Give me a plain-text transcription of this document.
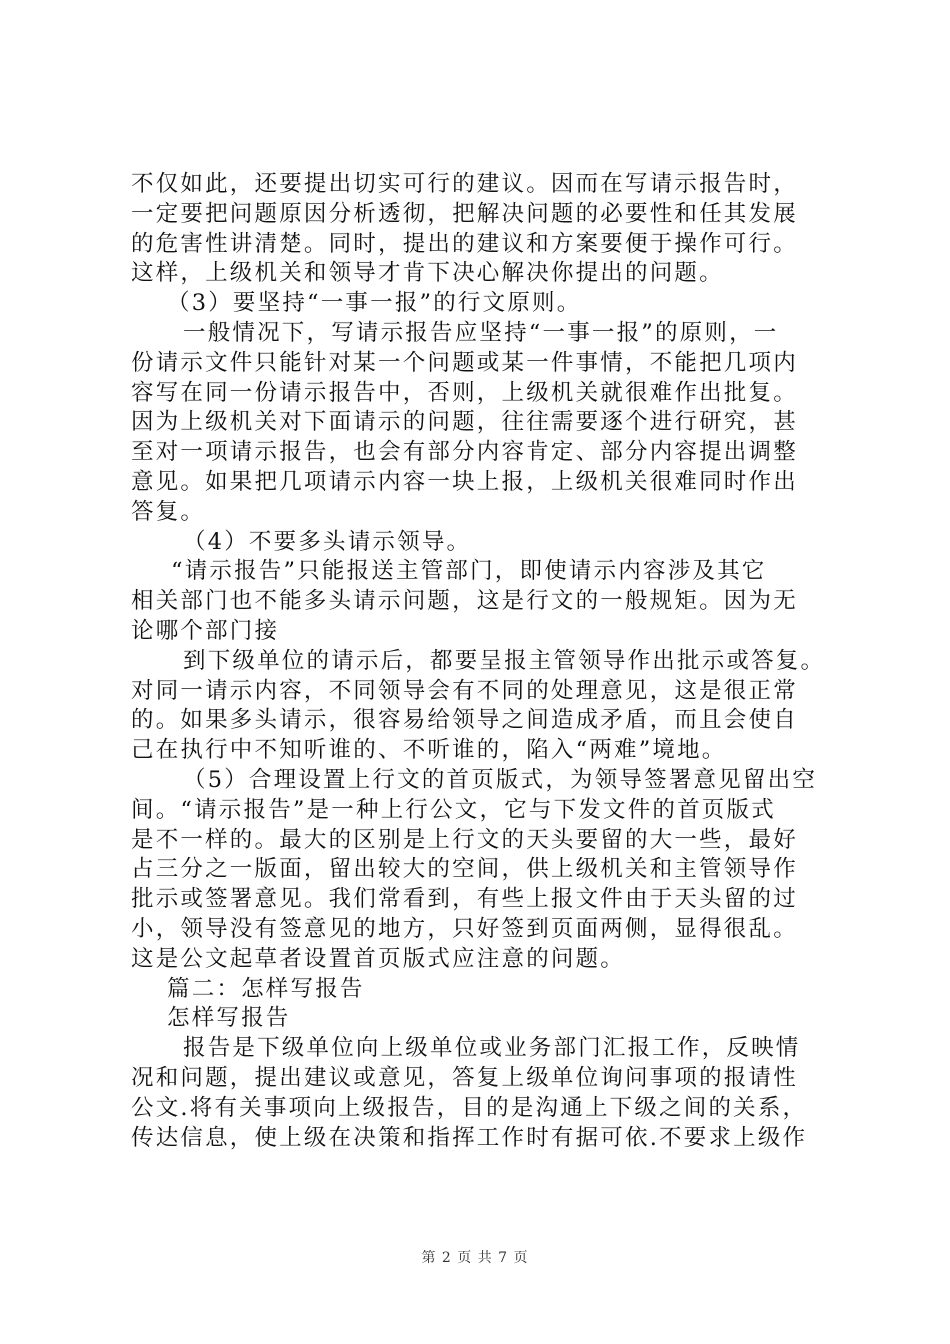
不仅如此，还要提出切实可行的建议。因而在写请示报告时，
一定要把问题原因分析透彻，把解决问题的必要性和任其发展
的危害性讲清楚。同时，提出的建议和方案要便于操作可行。
这样，上级机关和领导才肯下决心解决你提出的问题。
（3）要坚持“一事一报”的行文原则。
一般情况下，写请示报告应坚持“一事一报”的原则，一
份请示文件只能针对某一个问题或某一件事情，不能把几项内
容写在同一份请示报告中，否则，上级机关就很难作出批复。
因为上级机关对下面请示的问题，往往需要逐个进行研究，甚
至对一项请示报告，也会有部分内容肯定、部分内容提出调整
意见。如果把几项请示内容一块上报，上级机关很难同时作出
答复。
（4）不要多头请示领导。
“请示报告”只能报送主管部门，即使请示内容涉及其它
相关部门也不能多头请示问题，这是行文的一般规矩。因为无
论哪个部门接
到下级单位的请示后，都要呈报主管领导作出批示或答复。
对同一请示内容，不同领导会有不同的处理意见，这是很正常
的。如果多头请示，很容易给领导之间造成矛盾，而且会使自
己在执行中不知听谁的、不听谁的，陷入“两难”境地。
（5）合理设置上行文的首页版式，为领导签署意见留出空
间。“请示报告”是一种上行公文，它与下发文件的首页版式
是不一样的。最大的区别是上行文的天头要留的大一些，最好
占三分之一版面，留出较大的空间，供上级机关和主管领导作
批示或签署意见。我们常看到，有些上报文件由于天头留的过
小，领导没有签意见的地方，只好签到页面两侧，显得很乱。
这是公文起草者设置首页版式应注意的问题。
篇二：怎样写报告
怎样写报告
报告是下级单位向上级单位或业务部门汇报工作，反映情
况和问题，提出建议或意见，答复上级单位询问事项的报请性
公文.将有关事项向上级报告，目的是沟通上下级之间的关系，
传达信息，使上级在决策和指挥工作时有据可依.不要求上级作
第 2 页 共 7 页
